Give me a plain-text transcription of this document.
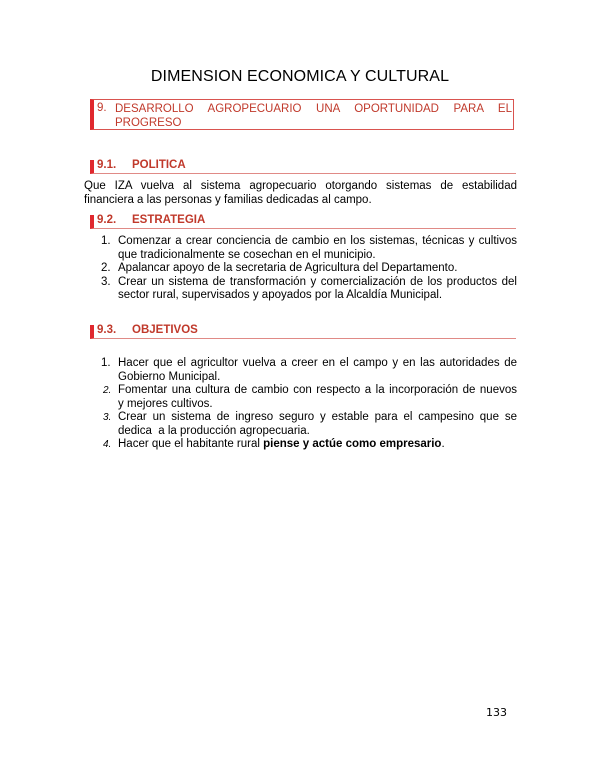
DIMENSION ECONOMICA Y CULTURAL
9. DESARROLLO AGROPECUARIO UNA OPORTUNIDAD PARA EL
PROGRESO
9.1. POLITICA
Que IZA vuelva al sistema agropecuario otorgando sistemas de estabilidad
financiera a las personas y familias dedicadas al campo.
9.2. ESTRATEGIA
1. Comenzar a crear conciencia de cambio en los sistemas, técnicas y cultivos
que tradicionalmente se cosechan en el municipio.
2. Apalancar apoyo de la secretaria de Agricultura del Departamento.
3. Crear un sistema de transformación y comercialización de los productos del
sector rural, supervisados y apoyados por la Alcaldía Municipal.
9.3. OBJETIVOS
1. Hacer que el agricultor vuelva a creer en el campo y en las autoridades de
Gobierno Municipal.
2. Fomentar una cultura de cambio con respecto a la incorporación de nuevos
y mejores cultivos.
3. Crear un sistema de ingreso seguro y estable para el campesino que se
dedica  a la producción agropecuaria.
4. Hacer que el habitante rural piense y actúe como empresario.
133
